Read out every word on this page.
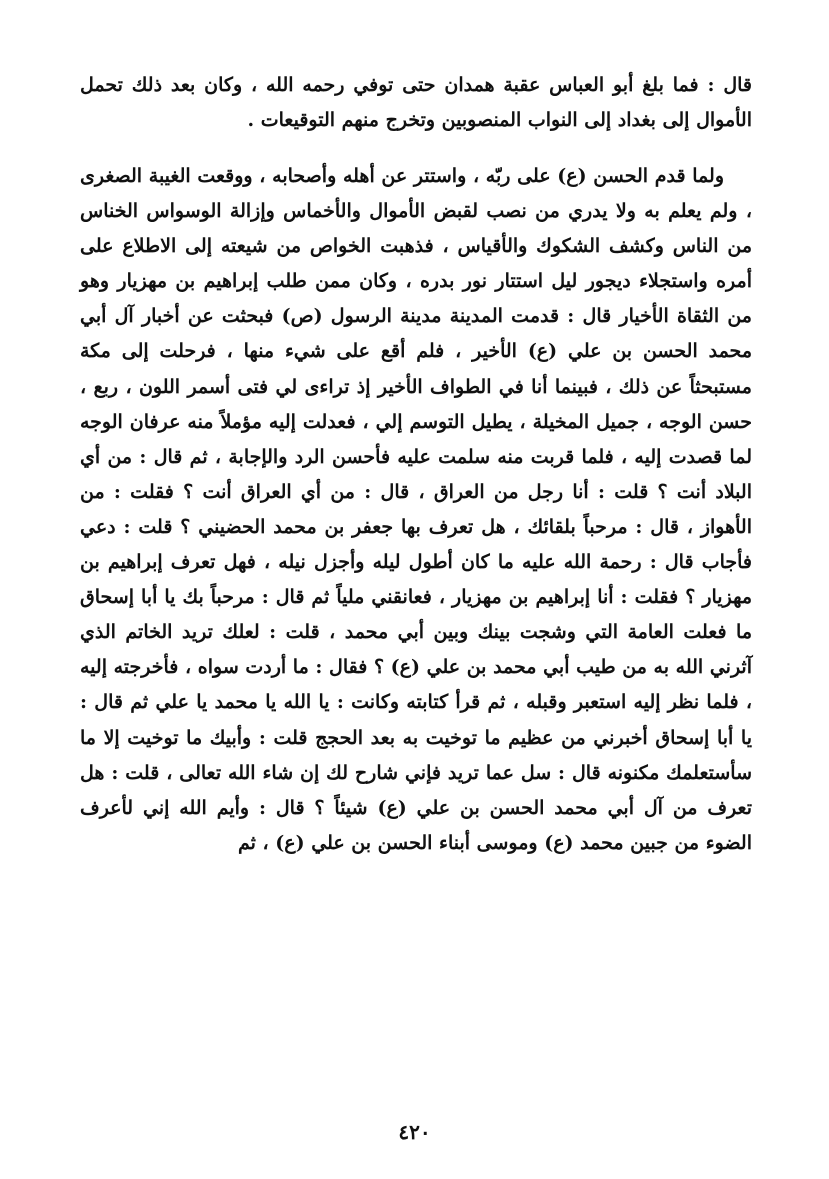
قال : فما بلغ أبو العباس عقبة همدان حتى توفي رحمه الله ، وكان بعد ذلك تحمل الأموال إلى بغداد إلى النواب المنصوبين وتخرج منهم التوقيعات .

ولما قدم الحسن (ع) على ربّه ، واستتر عن أهله وأصحابه ، ووقعت الغيبة الصغرى ، ولم يعلم به ولا يدري من نصب لقبض الأموال والأخماس وإزالة الوسواس الخناس من الناس وكشف الشكوك والأقياس ، فذهبت الخواص من شيعته إلى الاطلاع على أمره واستجلاء ديجور ليل استتار نور بدره ، وكان ممن طلب إبراهيم بن مهزيار وهو من الثقاة الأخيار قال : قدمت المدينة مدينة الرسول (ص) فبحثت عن أخبار آل أبي محمد الحسن بن علي (ع) الأخير ، فلم أقع على شيء منها ، فرحلت إلى مكة مستبحثاً عن ذلك ، فبينما أنا في الطواف الأخير إذ تراءى لي فتى أسمر اللون ، ربع ، حسن الوجه ، جميل المخيلة ، يطيل التوسم إلي ، فعدلت إليه مؤملاً منه عرفان الوجه لما قصدت إليه ، فلما قربت منه سلمت عليه فأحسن الرد والإجابة ، ثم قال : من أي البلاد أنت ؟ قلت : أنا رجل من العراق ، قال : من أي العراق أنت ؟ فقلت : من الأهواز ، قال : مرحباً بلقائك ، هل تعرف بها جعفر بن محمد الحضيني ؟ قلت : دعي فأجاب قال : رحمة الله عليه ما كان أطول ليله وأجزل نيله ، فهل تعرف إبراهيم بن مهزيار ؟ فقلت : أنا إبراهيم بن مهزيار ، فعانقني ملياً ثم قال : مرحباً بك يا أبا إسحاق ما فعلت العامة التي وشجت بينك وبين أبي محمد ، قلت : لعلك تريد الخاتم الذي آثرني الله به من طيب أبي محمد بن علي (ع) ؟ فقال : ما أردت سواه ، فأخرجته إليه ، فلما نظر إليه استعبر وقبله ، ثم قرأ كتابته وكانت : يا الله يا محمد يا علي ثم قال : يا أبا إسحاق أخبرني من عظيم ما توخيت به بعد الحجج قلت : وأبيك ما توخيت إلا ما سأستعلمك مكنونه قال : سل عما تريد فإني شارح لك إن شاء الله تعالى ، قلت : هل تعرف من آل أبي محمد الحسن بن علي (ع) شيئاً ؟ قال : وأيم الله إني لأعرف الضوء من جبين محمد (ع) وموسى أبناء الحسن بن علي (ع) ، ثم

٤٢٠
